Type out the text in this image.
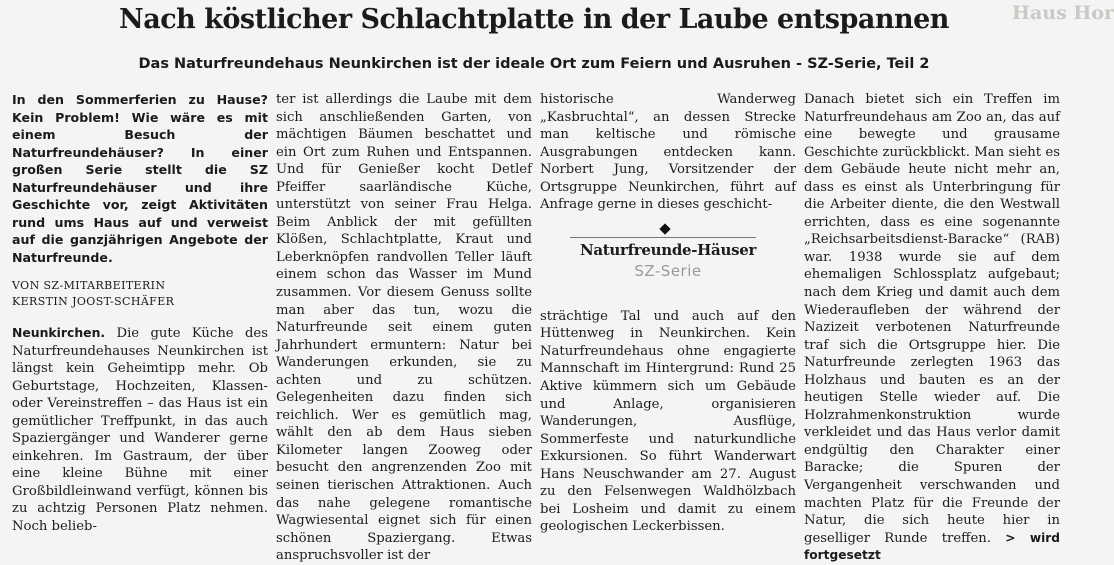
Haus Hor
Nach köstlicher Schlachtplatte in der Laube entspannen
Das Naturfreundehaus Neunkirchen ist der ideale Ort zum Feiern und Ausruhen - SZ-Serie, Teil 2

In den Sommerferien zu Hause? Kein Problem! Wie wäre es mit einem Besuch der Naturfreundehäuser? In einer großen Serie stellt die SZ Naturfreundehäuser und ihre Geschichte vor, zeigt Aktivitäten rund ums Haus auf und verweist auf die ganzjährigen Angebote der Naturfreunde.

VON SZ-MITARBEITERIN
KERSTIN JOOST-SCHÄFER

Neunkirchen. Die gute Küche des Naturfreundehauses Neunkirchen ist längst kein Geheimtipp mehr. Ob Geburtstage, Hochzeiten, Klassen- oder Vereinstreffen – das Haus ist ein gemütlicher Treffpunkt, in das auch Spaziergänger und Wanderer gerne einkehren. Im Gastraum, der über eine kleine Bühne mit einer Großbildleinwand verfügt, können bis zu achtzig Personen Platz nehmen. Noch belieb-

ter ist allerdings die Laube mit dem sich anschließenden Garten, von mächtigen Bäumen beschattet und ein Ort zum Ruhen und Entspannen. Und für Genießer kocht Detlef Pfeiffer saarländische Küche, unterstützt von seiner Frau Helga. Beim Anblick der mit gefüllten Klößen, Schlachtplatte, Kraut und Leberknöpfen randvollen Teller läuft einem schon das Wasser im Mund zusammen. Vor diesem Genuss sollte man aber das tun, wozu die Naturfreunde seit einem guten Jahrhundert ermuntern: Natur bei Wanderungen erkunden, sie zu achten und zu schützen. Gelegenheiten dazu finden sich reichlich. Wer es gemütlich mag, wählt den ab dem Haus sieben Kilometer langen Zooweg oder besucht den angrenzenden Zoo mit seinen tierischen Attraktionen. Auch das nahe gelegene romantische Wagwiesental eignet sich für einen schönen Spaziergang. Etwas anspruchsvoller ist der

historische Wanderweg „Kasbruchtal“, an dessen Strecke man keltische und römische Ausgrabungen entdecken kann. Norbert Jung, Vorsitzender der Ortsgruppe Neunkirchen, führt auf Anfrage gerne in dieses geschicht-

Naturfreunde-Häuser
SZ-Serie

strächtige Tal und auch auf den Hüttenweg in Neunkirchen. Kein Naturfreundehaus ohne engagierte Mannschaft im Hintergrund: Rund 25 Aktive kümmern sich um Gebäude und Anlage, organisieren Wanderungen, Ausflüge, Sommerfeste und naturkundliche Exkursionen. So führt Wanderwart Hans Neuschwander am 27. August zu den Felsenwegen Waldhölzbach bei Losheim und damit zu einem geologischen Leckerbissen.

Danach bietet sich ein Treffen im Naturfreundehaus am Zoo an, das auf eine bewegte und grausame Geschichte zurückblickt. Man sieht es dem Gebäude heute nicht mehr an, dass es einst als Unterbringung für die Arbeiter diente, die den Westwall errichten, dass es eine sogenannte „Reichsarbeitsdienst-Baracke“ (RAB) war. 1938 wurde sie auf dem ehemaligen Schlossplatz aufgebaut; nach dem Krieg und damit auch dem Wiederaufleben der während der Nazizeit verbotenen Naturfreunde traf sich die Ortsgruppe hier. Die Naturfreunde zerlegten 1963 das Holzhaus und bauten es an der heutigen Stelle wieder auf. Die Holzrahmenkonstruktion wurde verkleidet und das Haus verlor damit endgültig den Charakter einer Baracke; die Spuren der Vergangenheit verschwanden und machten Platz für die Freunde der Natur, die sich heute hier in geselliger Runde treffen. > wird fortgesetzt
